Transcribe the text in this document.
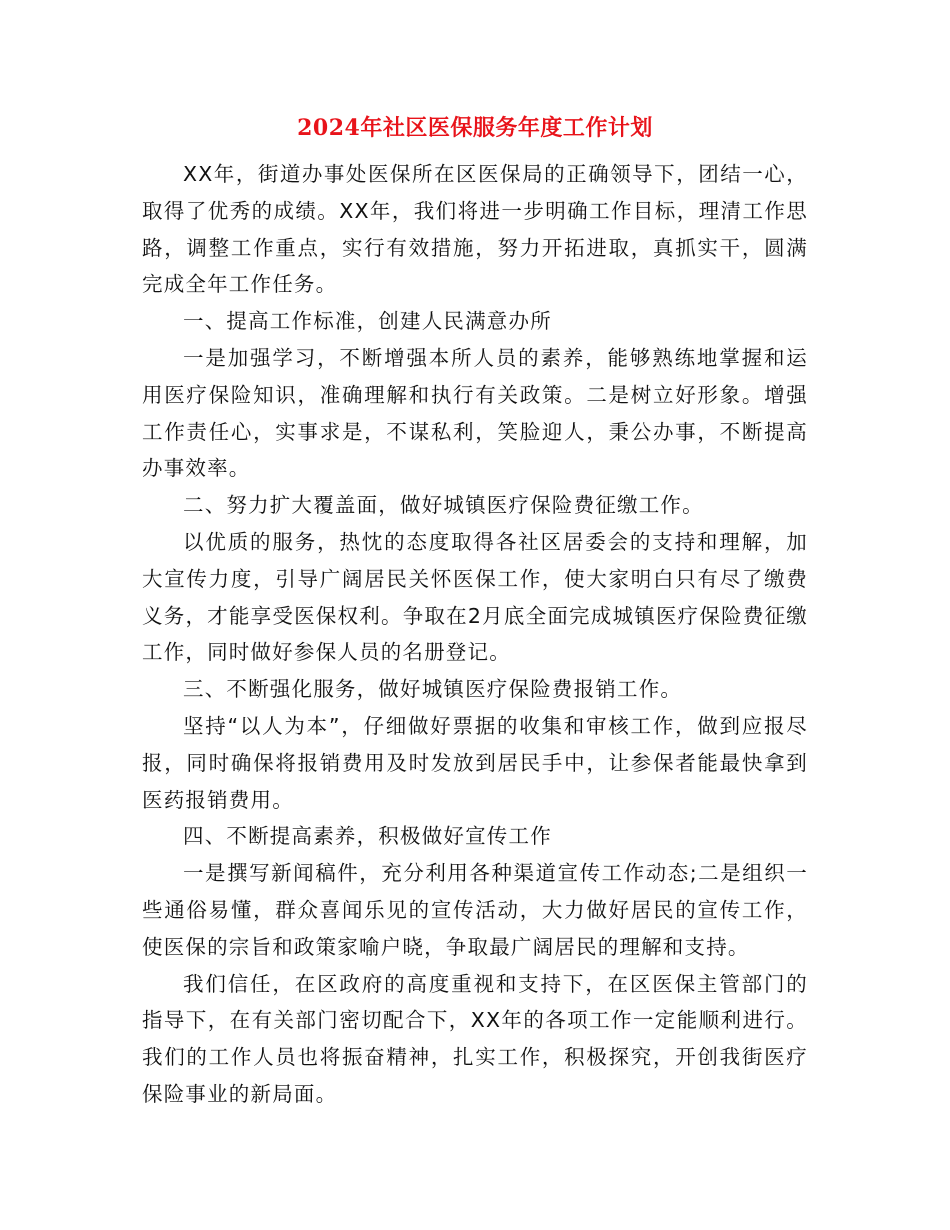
2024年社区医保服务年度工作计划

XX年，街道办事处医保所在区医保局的正确领导下，团结一心，取得了优秀的成绩。XX年，我们将进一步明确工作目标，理清工作思路，调整工作重点，实行有效措施，努力开拓进取，真抓实干，圆满完成全年工作任务。

一、提高工作标准，创建人民满意办所

一是加强学习，不断增强本所人员的素养，能够熟练地掌握和运用医疗保险知识，准确理解和执行有关政策。二是树立好形象。增强工作责任心，实事求是，不谋私利，笑脸迎人，秉公办事，不断提高办事效率。

二、努力扩大覆盖面，做好城镇医疗保险费征缴工作。

以优质的服务，热忱的态度取得各社区居委会的支持和理解，加大宣传力度，引导广阔居民关怀医保工作，使大家明白只有尽了缴费义务，才能享受医保权利。争取在2月底全面完成城镇医疗保险费征缴工作，同时做好参保人员的名册登记。

三、不断强化服务，做好城镇医疗保险费报销工作。

坚持“以人为本”，仔细做好票据的收集和审核工作，做到应报尽报，同时确保将报销费用及时发放到居民手中，让参保者能最快拿到医药报销费用。

四、不断提高素养，积极做好宣传工作

一是撰写新闻稿件，充分利用各种渠道宣传工作动态;二是组织一些通俗易懂，群众喜闻乐见的宣传活动，大力做好居民的宣传工作，使医保的宗旨和政策家喻户晓，争取最广阔居民的理解和支持。

我们信任，在区政府的高度重视和支持下，在区医保主管部门的指导下，在有关部门密切配合下，XX年的各项工作一定能顺利进行。我们的工作人员也将振奋精神，扎实工作，积极探究，开创我街医疗保险事业的新局面。
